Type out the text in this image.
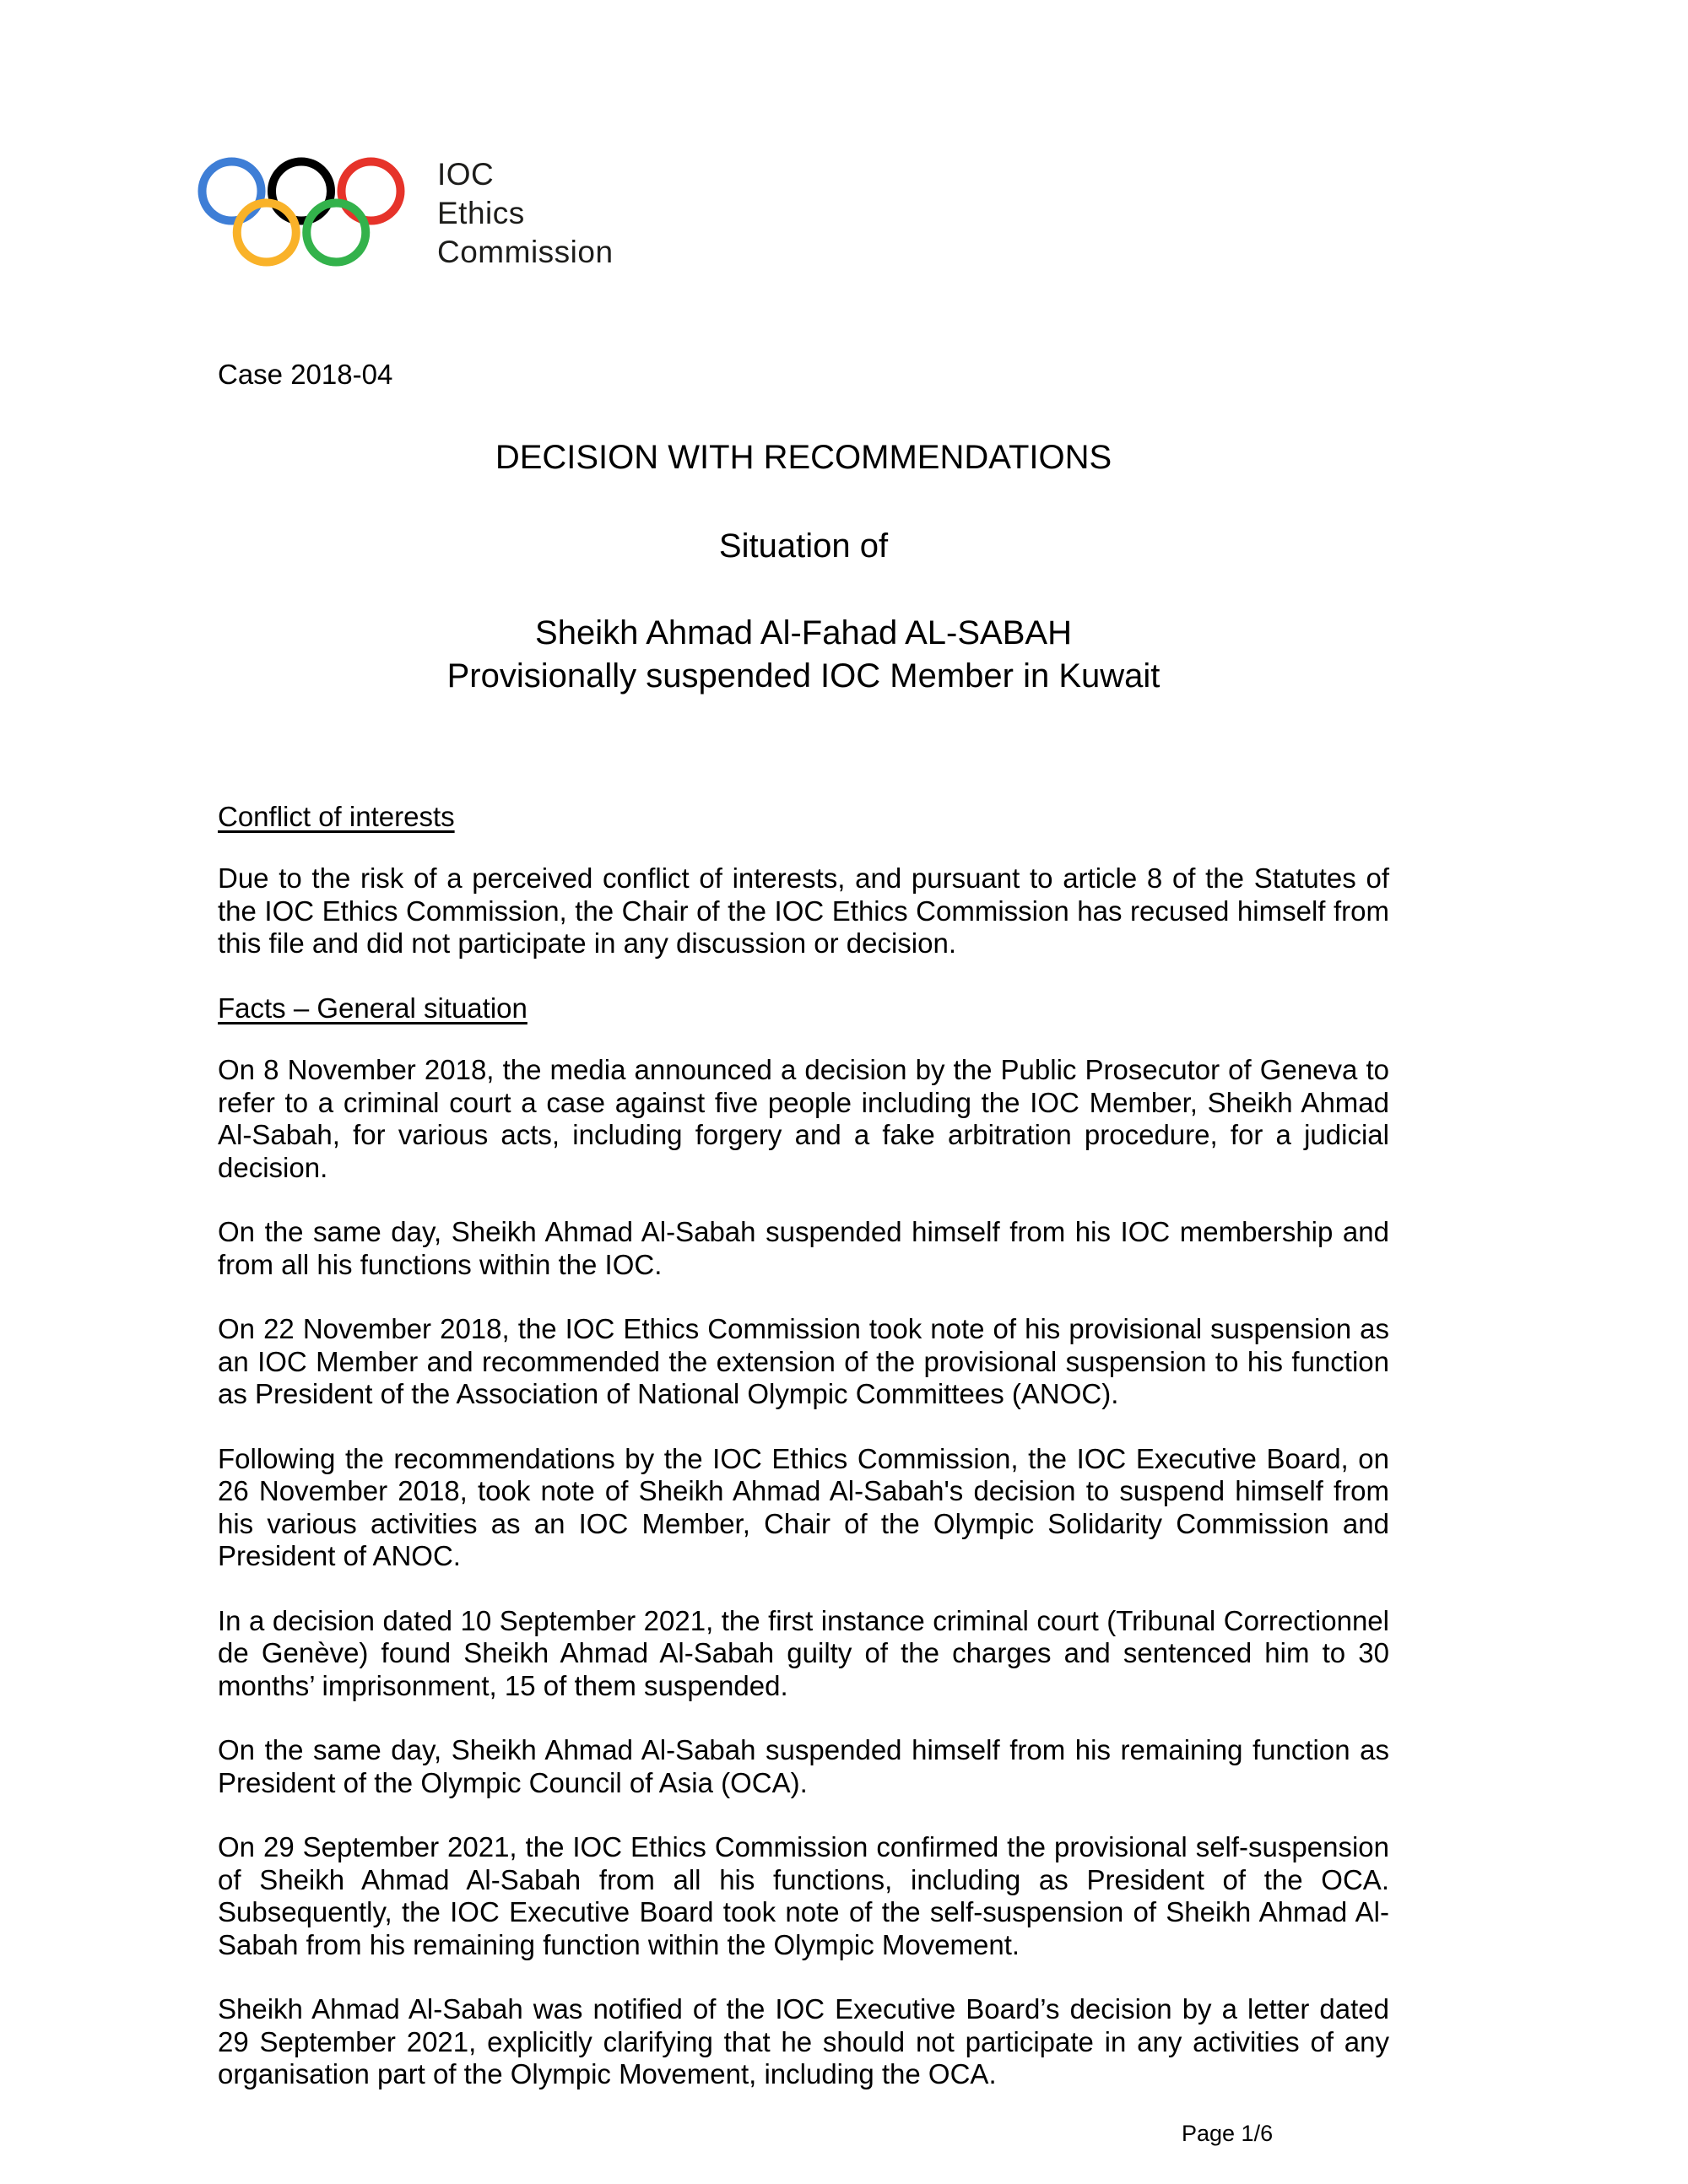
IOC
Ethics
Commission

Case 2018-04

DECISION WITH RECOMMENDATIONS

Situation of

Sheikh Ahmad Al-Fahad AL-SABAH
Provisionally suspended IOC Member in Kuwait

Conflict of interests

Due to the risk of a perceived conflict of interests, and pursuant to article 8 of the Statutes of the IOC Ethics Commission, the Chair of the IOC Ethics Commission has recused himself from this file and did not participate in any discussion or decision.

Facts – General situation

On 8 November 2018, the media announced a decision by the Public Prosecutor of Geneva to refer to a criminal court a case against five people including the IOC Member, Sheikh Ahmad Al-Sabah, for various acts, including forgery and a fake arbitration procedure, for a judicial decision.

On the same day, Sheikh Ahmad Al-Sabah suspended himself from his IOC membership and from all his functions within the IOC.

On 22 November 2018, the IOC Ethics Commission took note of his provisional suspension as an IOC Member and recommended the extension of the provisional suspension to his function as President of the Association of National Olympic Committees (ANOC).

Following the recommendations by the IOC Ethics Commission, the IOC Executive Board, on 26 November 2018, took note of Sheikh Ahmad Al-Sabah's decision to suspend himself from his various activities as an IOC Member, Chair of the Olympic Solidarity Commission and President of ANOC.

In a decision dated 10 September 2021, the first instance criminal court (Tribunal Correctionnel de Genève) found Sheikh Ahmad Al-Sabah guilty of the charges and sentenced him to 30 months’ imprisonment, 15 of them suspended.

On the same day, Sheikh Ahmad Al-Sabah suspended himself from his remaining function as President of the Olympic Council of Asia (OCA).

On 29 September 2021, the IOC Ethics Commission confirmed the provisional self-suspension of Sheikh Ahmad Al-Sabah from all his functions, including as President of the OCA. Subsequently, the IOC Executive Board took note of the self-suspension of Sheikh Ahmad Al-Sabah from his remaining function within the Olympic Movement.

Sheikh Ahmad Al-Sabah was notified of the IOC Executive Board’s decision by a letter dated 29 September 2021, explicitly clarifying that he should not participate in any activities of any organisation part of the Olympic Movement, including the OCA.

Page 1/6
